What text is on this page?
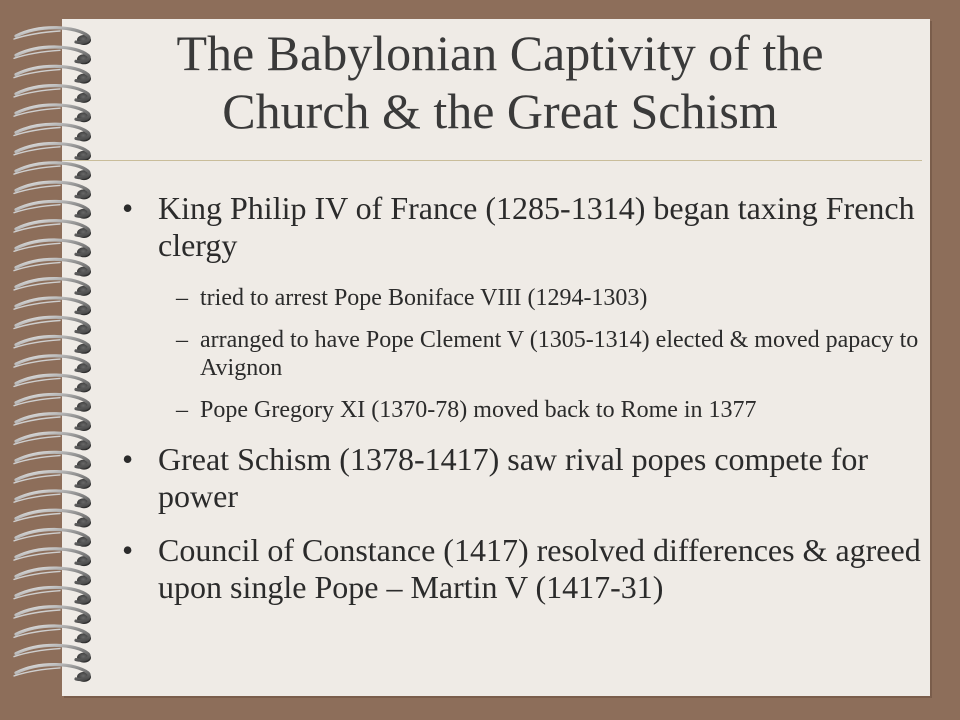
The Babylonian Captivity of the
Church & the Great Schism
• King Philip IV of France (1285-1314) began taxing French clergy
– tried to arrest Pope Boniface VIII (1294-1303)
– arranged to have Pope Clement V (1305-1314) elected & moved papacy to Avignon
– Pope Gregory XI (1370-78) moved back to Rome in 1377
• Great Schism (1378-1417) saw rival popes compete for power
• Council of Constance (1417) resolved differences & agreed upon single Pope – Martin V (1417-31)
